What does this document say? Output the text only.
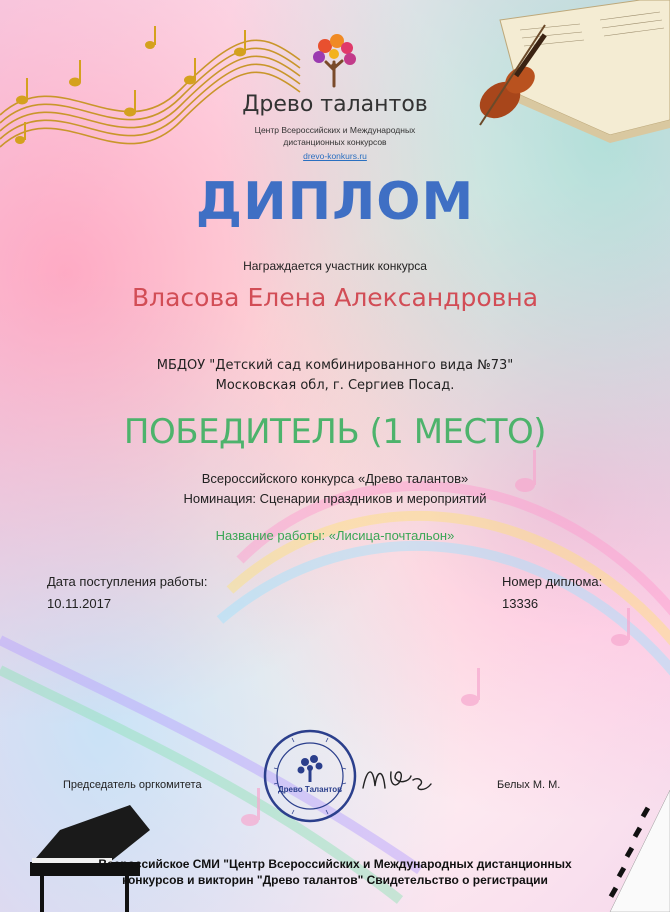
Древо талантов
Центр Всероссийских и Международных
дистанционных конкурсов
drevo-konkurs.ru
ДИПЛОМ
Награждается участник конкурса
Власова Елена Александровна
МБДОУ "Детский сад комбинированного вида №73"
Московская обл, г. Сергиев Посад.
ПОБЕДИТЕЛЬ (1 МЕСТО)
Всероссийского конкурса «Древо талантов»
Номинация: Сценарии праздников и мероприятий
Название работы: «Лисица-почтальон»
Дата поступления работы:
10.11.2017
Номер диплома:
13336
Древо Талантов
Председатель оргкомитета	Белых М. М.
Всероссийское СМИ "Центр Всероссийских и Международных дистанционных
конкурсов и викторин "Древо талантов" Свидетельство о регистрации
